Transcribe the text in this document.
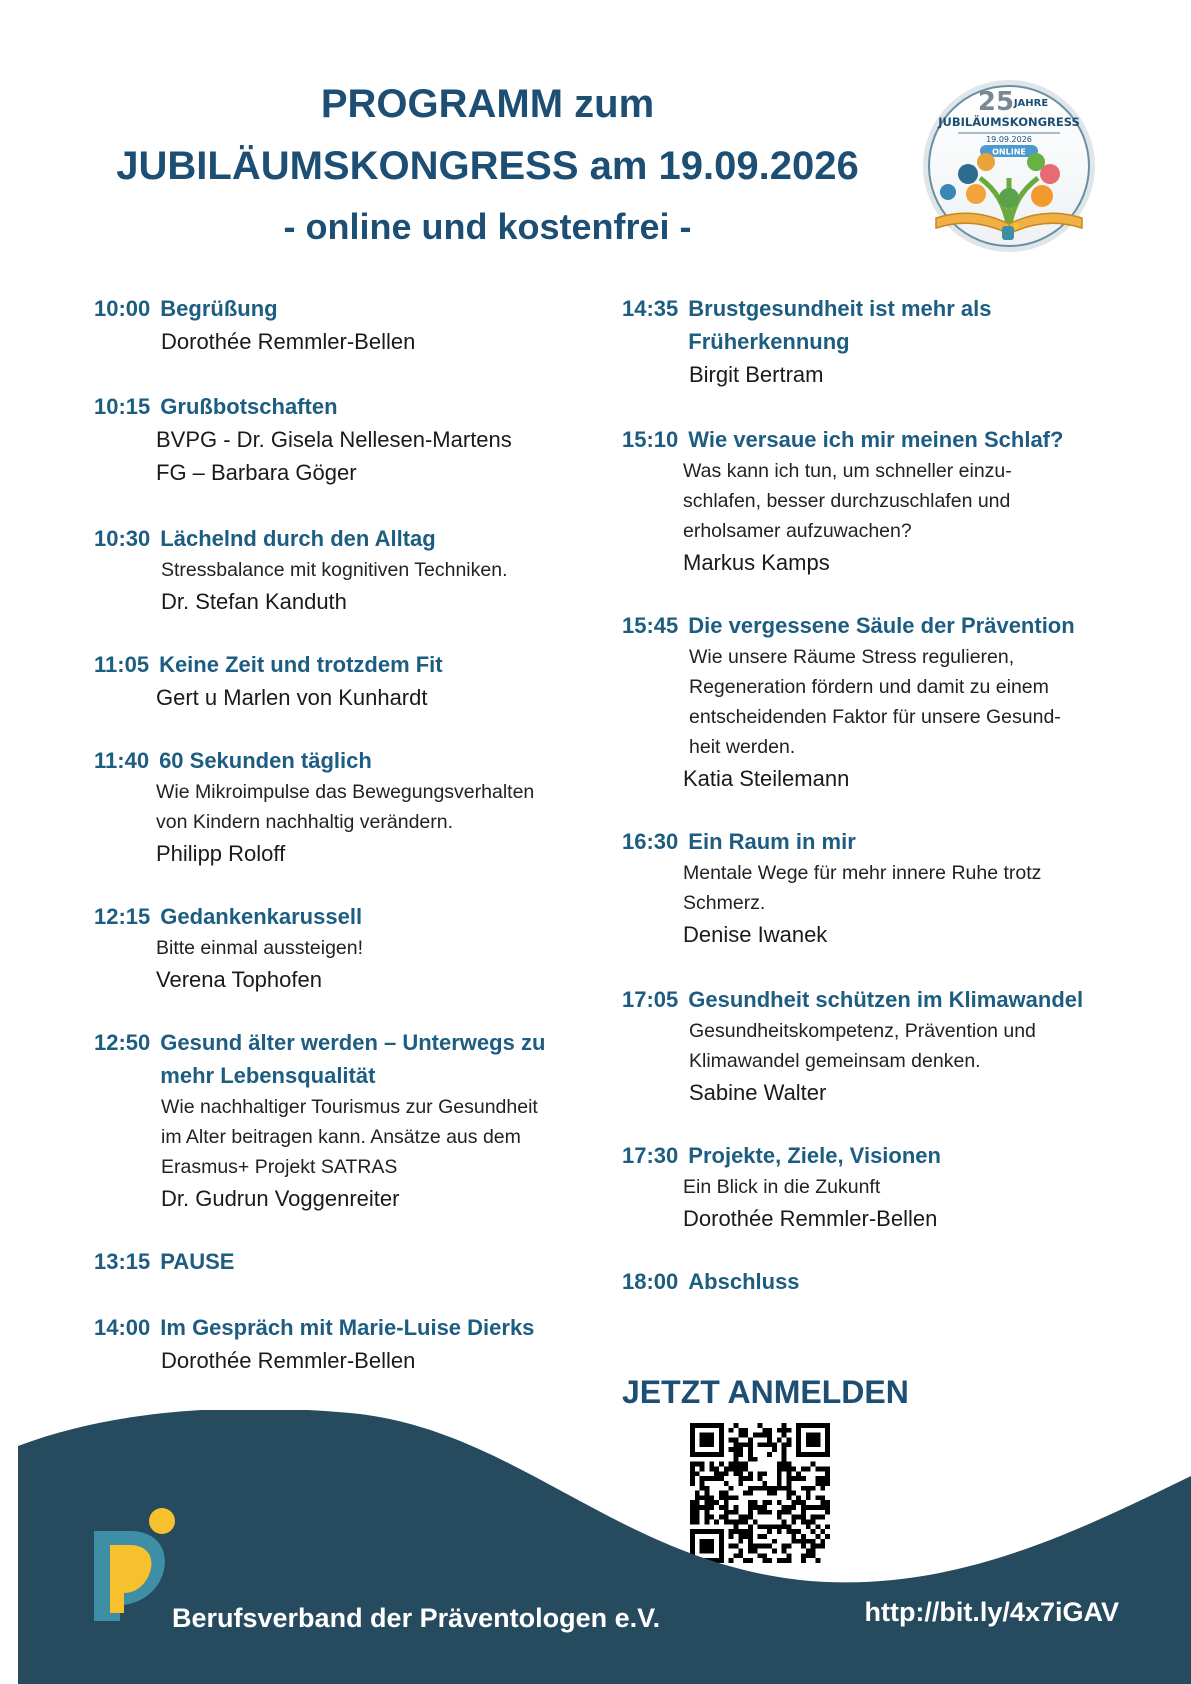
PROGRAMM zum
JUBILÄUMSKONGRESS am 19.09.2026
- online und kostenfrei -
25 JAHRE
JUBILÄUMSKONGRESS
19.09.2026
ONLINE
10:00 Begrüßung
Dorothée Remmler-Bellen
10:15 Grußbotschaften
BVPG - Dr. Gisela Nellesen-Martens
FG – Barbara Göger
10:30 Lächelnd durch den Alltag
Stressbalance mit kognitiven Techniken.
Dr. Stefan Kanduth
11:05 Keine Zeit und trotzdem Fit
Gert u Marlen von Kunhardt
11:40 60 Sekunden täglich
Wie Mikroimpulse das Bewegungsverhalten
von Kindern nachhaltig verändern.
Philipp Roloff
12:15 Gedankenkarussell
Bitte einmal aussteigen!
Verena Tophofen
12:50 Gesund älter werden – Unterwegs zu mehr Lebensqualität
Wie nachhaltiger Tourismus zur Gesundheit
im Alter beitragen kann. Ansätze aus dem
Erasmus+ Projekt SATRAS
Dr. Gudrun Voggenreiter
13:15 PAUSE
14:00 Im Gespräch mit Marie-Luise Dierks
Dorothée Remmler-Bellen
14:35 Brustgesundheit ist mehr als Früherkennung
Birgit Bertram
15:10 Wie versaue ich mir meinen Schlaf?
Was kann ich tun, um schneller einzu-
schlafen, besser durchzuschlafen und
erholsamer aufzuwachen?
Markus Kamps
15:45 Die vergessene Säule der Prävention
Wie unsere Räume Stress regulieren,
Regeneration fördern und damit zu einem
entscheidenden Faktor für unsere Gesund-
heit werden.
Katia Steilemann
16:30 Ein Raum in mir
Mentale Wege für mehr innere Ruhe trotz
Schmerz.
Denise Iwanek
17:05 Gesundheit schützen im Klimawandel
Gesundheitskompetenz, Prävention und
Klimawandel gemeinsam denken.
Sabine Walter
17:30 Projekte, Ziele, Visionen
Ein Blick in die Zukunft
Dorothée Remmler-Bellen
18:00 Abschluss
JETZT ANMELDEN
Berufsverband der Präventologen e.V.	http://bit.ly/4x7iGAV
